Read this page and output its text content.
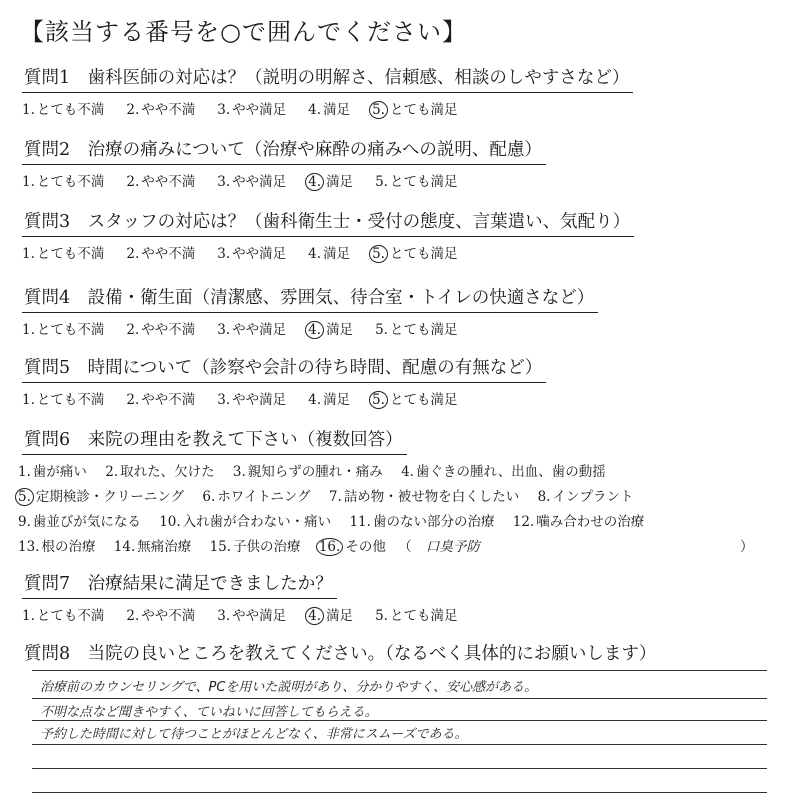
【該当する番号を○で囲んでください】
質問1　歯科医師の対応は？（説明の明解さ、信頼感、相談のしやすさなど）
1. とても不満 2. やや不満 3. やや満足 4. 満足 5. とても満足
質問2　治療の痛みについて（治療や麻酔の痛みへの説明、配慮）
1. とても不満 2. やや不満 3. やや満足 4. 満足 5. とても満足
質問3　スタッフの対応は？（歯科衛生士・受付の態度、言葉遣い、気配り）
1. とても不満 2. やや不満 3. やや満足 4. 満足 5. とても満足
質問4　設備・衛生面（清潔感、雰囲気、待合室・トイレの快適さなど）
1. とても不満 2. やや不満 3. やや満足 4. 満足 5. とても満足
質問5　時間について（診察や会計の待ち時間、配慮の有無など）
1. とても不満 2. やや不満 3. やや満足 4. 満足 5. とても満足
質問6　来院の理由を教えて下さい（複数回答）
1. 歯が痛い 2. 取れた、欠けた 3. 親知らずの腫れ・痛み 4. 歯ぐきの腫れ、出血、歯の動揺
5. 定期検診・クリーニング 6. ホワイトニング 7. 詰め物・被せ物を白くしたい 8. インプラント
9. 歯並びが気になる 10. 入れ歯が合わない・痛い 11. 歯のない部分の治療 12. 噛み合わせの治療
13. 根の治療 14. 無痛治療 15. 子供の治療 16. その他 （ 口臭予防	）
質問7　治療結果に満足できましたか？
1. とても不満 2. やや不満 3. やや満足 4. 満足 5. とても満足
質問8　当院の良いところを教えてください。（なるべく具体的にお願いします）
治療前のカウンセリングで、PCを用いた説明があり、分かりやすく、安心感がある。
不明な点など聞きやすく、ていねいに回答してもらえる。
予約した時間に対して待つことがほとんどなく、非常にスムーズである。
